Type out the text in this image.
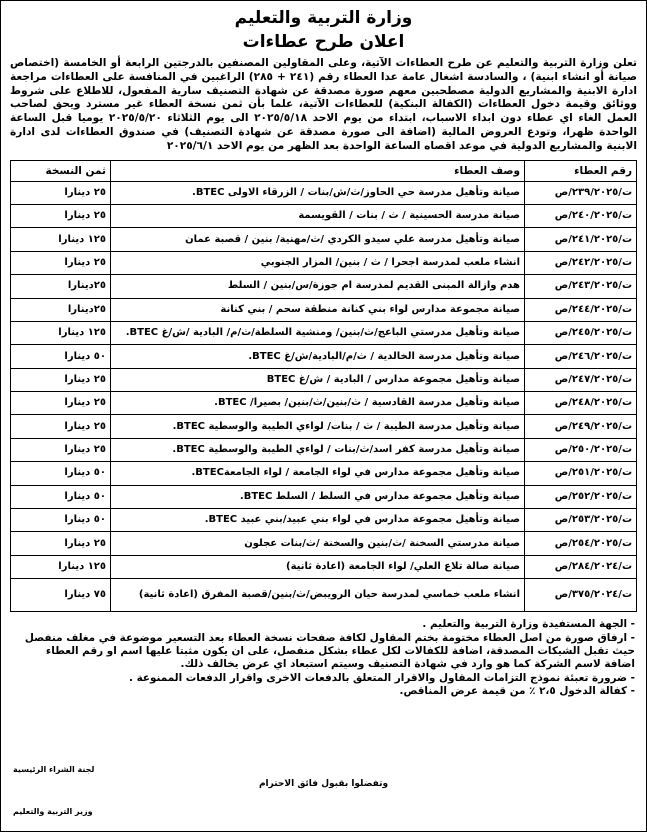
وزارة التربية والتعليم
اعلان طرح عطاءات
تعلن وزارة التربية والتعليم عن طرح العطاءات الآتية، وعلى المقاولين المصنفين بالدرجتين الرابعة أو الخامسة (اختصاص صيانة أو انشاء ابنية) ، والسادسة اشغال عامة عدا العطاء رقم (٢٤١ + ٢٨٥) الراغبين في المنافسة على العطاءات مراجعة ادارة الابنية والمشاريع الدولية مصطحبين معهم صورة مصدقة عن شهادة التصنيف سارية المفعول، للاطلاع على شروط ووثائق وقيمة دخول العطاءات (الكفالة البنكية) للعطاءات الآتية، علما بأن ثمن نسخة العطاء غير مسترد ويحق لصاحب العمل الغاء اي عطاء دون ابداء الاسباب، ابتداء من يوم الاحد ٢٠٢٥/٥/١٨ الى يوم الثلاثاء ٢٠٢٥/٥/٢٠ يوميا قبل الساعة الواحدة ظهرا، وتودع العروض المالية (اضافة الى صورة مصدقة عن شهادة التصنيف) في صندوق العطاءات لدى ادارة الابنية والمشاريع الدولية في موعد اقصاه الساعة الواحدة بعد الظهر من يوم الاحد ٢٠٢٥/٦/١
رقم العطاء	وصف العطاء	ثمن النسخة
ت/٢٣٩/٢٠٢٥/ص	صيانة وتأهيل مدرسة حي الحاوز/ث/ش/بنات / الزرقاء الاولى BTEC.	٢٥ دينارا
ت/٢٤٠/٢٠٢٥/ص	صيانة مدرسة الحسينية / ث / بنات / القويسمة	٢٥ دينارا
ت/٢٤١/٢٠٢٥/ص	صيانة وتأهيل مدرسة علي سيدو الكردي /ث/مهنية/ بنين / قصبة عمان	١٢٥ دينارا
ت/٢٤٢/٢٠٢٥/ص	انشاء ملعب لمدرسة اجحرا / ث / بنين/ المزار الجنوبي	٢٥ دينارا
ت/٢٤٣/٢٠٢٥/ص	هدم وازالة المبنى القديم لمدرسة ام جوزة/س/بنين / السلط	٢٥دينارا
ت/٢٤٤/٢٠٢٥/ص	صيانة مجموعة مدارس لواء بني كنانة منطقة سحم / بني كنانة	٢٥دينارا
ت/٢٤٥/٢٠٢٥/ص	صيانة وتأهيل مدرستي الباعج/ث/بنين/ ومنشية السلطة/ث/م/ البادية /ش/غ BTEC.	١٢٥ دينارا
ت/٢٤٦/٢٠٢٥/ص	صيانة وتأهيل مدرسة الخالدية / ث/م/البادية/ش/غ BTEC.	٥٠ دينارا
ت/٢٤٧/٢٠٢٥/ص	صيانة وتأهيل مجموعة مدارس / البادية / ش/غ BTEC	٢٥ دينارا
ت/٢٤٨/٢٠٢٥/ص	صيانة وتأهيل مدرسة القادسية / ث/بنين/ث/بنين/ بصيرا/ BTEC.	٢٥ دينارا
ت/٢٤٩/٢٠٢٥/ص	صيانة وتأهيل مدرسة الطيبة / ث / بنات/ لواءي الطيبة والوسطية BTEC.	٢٥ دينارا
ت/٢٥٠/٢٠٢٥/ص	صيانة وتأهيل مدرسة كفر اسد/ث/بنات / لواءي الطيبة والوسطية BTEC.	٢٥ دينارا
ت/٢٥١/٢٠٢٥/ص	صيانة وتأهيل مجموعة مدارس في لواء الجامعة / لواء الجامعةBTEC.	٥٠ دينارا
ت/٢٥٢/٢٠٢٥/ص	صيانة وتأهيل مجموعة مدارس في السلط / السلط BTEC.	٥٠ دينارا
ت/٢٥٣/٢٠٢٥/ص	صيانة وتأهيل مجموعة مدارس في لواء بني عبيد/بني عبيد BTEC.	٥٠ دينارا
ت/٢٥٤/٢٠٢٥/ص	صيانة مدرستي السخنة /ث/بنين والسخنة /ث/بنات عجلون	٢٥ دينارا
ت/٢٨٤/٢٠٢٤/ص	صيانة صالة تلاع العلي/ لواء الجامعة (اعادة ثانية)	١٢٥ دينارا
ت/٣٧٥/٢٠٢٤/ص	انشاء ملعب خماسي لمدرسة حيان الرويبض/ث/بنين/قصبة المفرق (اعادة ثانية)	٧٥ دينارا
- الجهة المستفيدة وزارة التربية والتعليم .
- ارفاق صورة من اصل العطاء مختومة بختم المقاول لكافة صفحات نسخة العطاء بعد التسعير موضوعة في مغلف منفصل حيث تقبل الشيكات المصدقة، اضافة للكفالات لكل عطاء بشكل منفصل، على ان يكون مثبتا عليها اسم او رقم العطاء اضافة لاسم الشركة كما هو وارد في شهادة التصنيف وسيتم استبعاد اي عرض يخالف ذلك.
- ضرورة تعبئة نموذج التزامات المقاول والاقرار المتعلق بالدفعات الاخرى واقرار الدفعات الممنوعة .
- كفالة الدخول ٢،٥ ٪ من قيمة عرض المناقص.
لجنة الشراء الرئيسية
وتفضلوا بقبول فائق الاحترام
وزير التربية والتعليم
